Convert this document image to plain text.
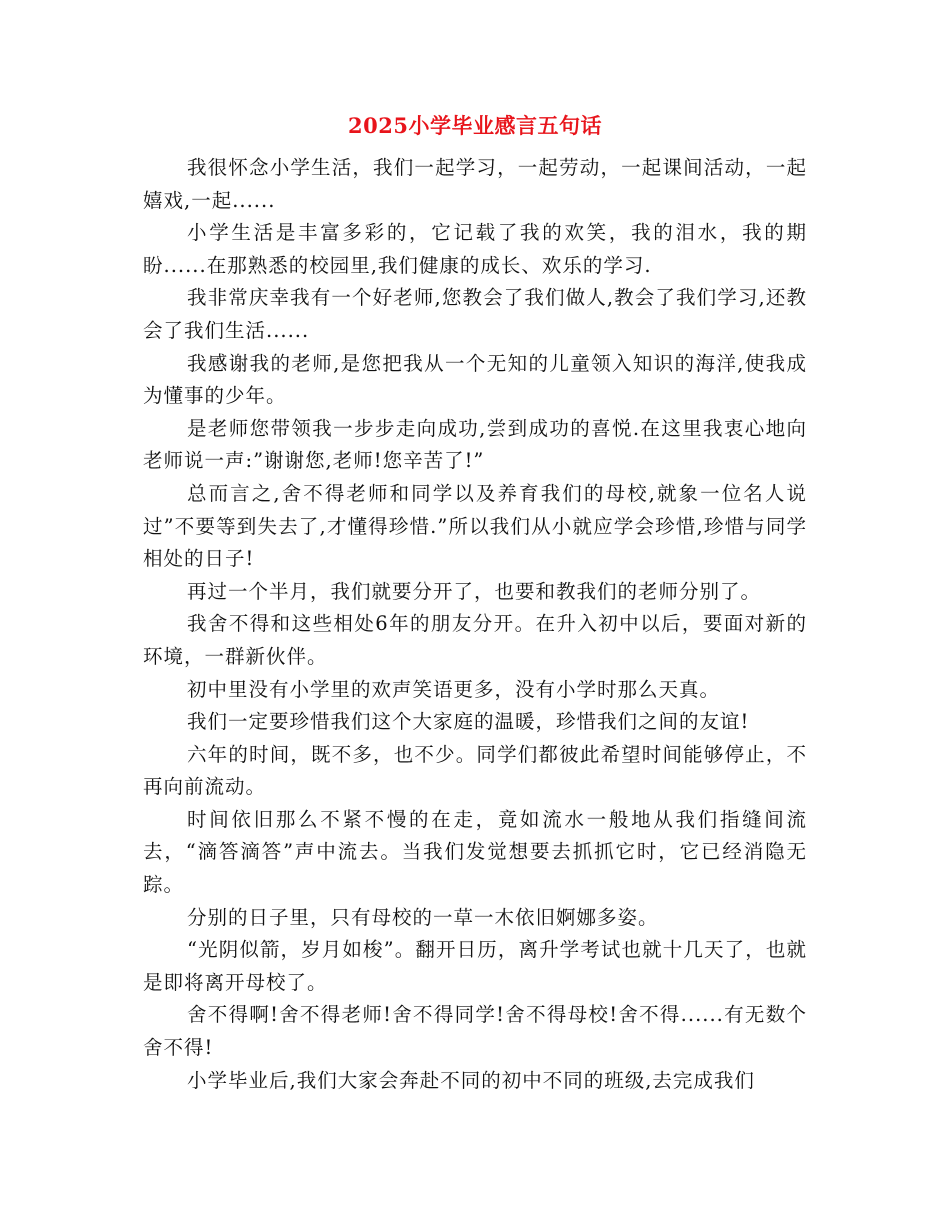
2025小学毕业感言五句话

我很怀念小学生活，我们一起学习，一起劳动，一起课间活动，一起嬉戏,一起......

小学生活是丰富多彩的，它记载了我的欢笑，我的泪水，我的期盼......在那熟悉的校园里,我们健康的成长、欢乐的学习.

我非常庆幸我有一个好老师,您教会了我们做人,教会了我们学习,还教会了我们生活......

我感谢我的老师,是您把我从一个无知的儿童领入知识的海洋,使我成为懂事的少年。

是老师您带领我一步步走向成功,尝到成功的喜悦.在这里我衷心地向老师说一声:”谢谢您,老师!您辛苦了!”

总而言之,舍不得老师和同学以及养育我们的母校,就象一位名人说过”不要等到失去了,才懂得珍惜.”所以我们从小就应学会珍惜,珍惜与同学相处的日子!

再过一个半月，我们就要分开了，也要和教我们的老师分别了。

我舍不得和这些相处6年的朋友分开。在升入初中以后，要面对新的环境，一群新伙伴。

初中里没有小学里的欢声笑语更多，没有小学时那么天真。

我们一定要珍惜我们这个大家庭的温暖，珍惜我们之间的友谊!

六年的时间，既不多，也不少。同学们都彼此希望时间能够停止，不再向前流动。

时间依旧那么不紧不慢的在走，竟如流水一般地从我们指缝间流去，“滴答滴答”声中流去。当我们发觉想要去抓抓它时，它已经消隐无踪。

分别的日子里，只有母校的一草一木依旧婀娜多姿。

“光阴似箭，岁月如梭”。翻开日历，离升学考试也就十几天了，也就是即将离开母校了。

舍不得啊!舍不得老师!舍不得同学!舍不得母校!舍不得......有无数个舍不得!

小学毕业后,我们大家会奔赴不同的初中不同的班级,去完成我们
